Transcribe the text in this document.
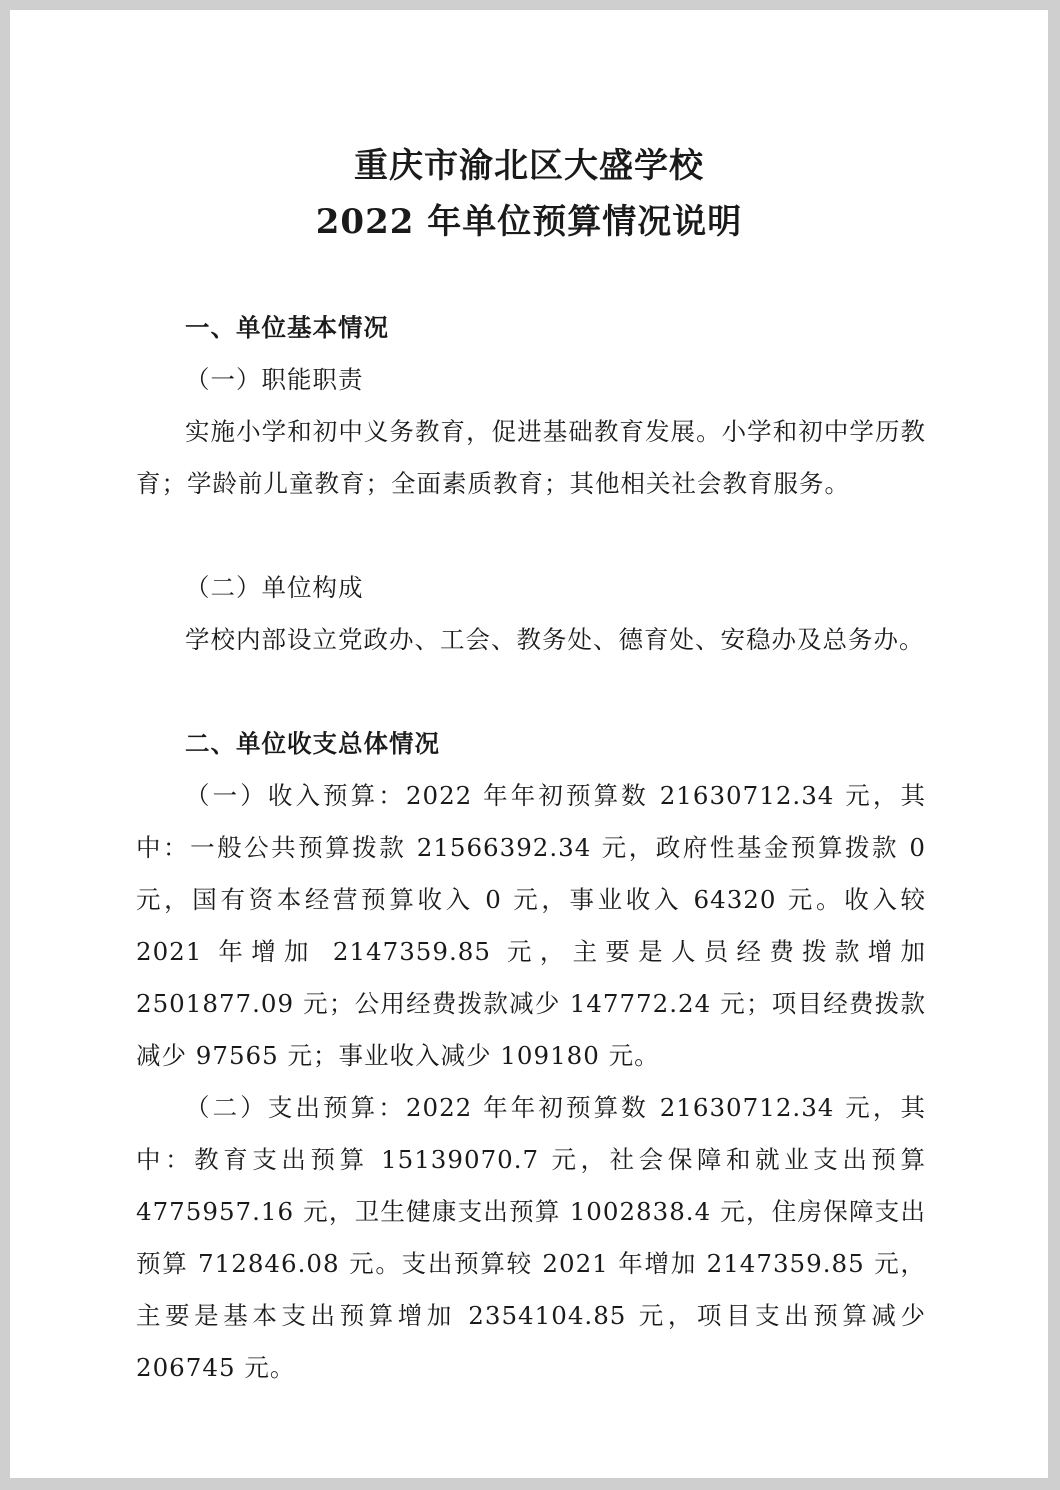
重庆市渝北区大盛学校
2022 年单位预算情况说明
一、单位基本情况
（一）职能职责
实施小学和初中义务教育，促进基础教育发展。小学和初中学历教育；学龄前儿童教育；全面素质教育；其他相关社会教育服务。
（二）单位构成
学校内部设立党政办、工会、教务处、德育处、安稳办及总务办。
二、单位收支总体情况
（一）收入预算：2022 年年初预算数 21630712.34 元，其中：一般公共预算拨款 21566392.34 元，政府性基金预算拨款 0 元，国有资本经营预算收入 0 元，事业收入 64320 元。收入较 2021 年增加 2147359.85 元，主要是人员经费拨款增加 2501877.09 元；公用经费拨款减少 147772.24 元；项目经费拨款减少 97565 元；事业收入减少 109180 元。
（二）支出预算：2022 年年初预算数 21630712.34 元，其中：教育支出预算 15139070.7 元，社会保障和就业支出预算 4775957.16 元，卫生健康支出预算 1002838.4 元，住房保障支出预算 712846.08 元。支出预算较 2021 年增加 2147359.85 元，主要是基本支出预算增加 2354104.85 元，项目支出预算减少 206745 元。
